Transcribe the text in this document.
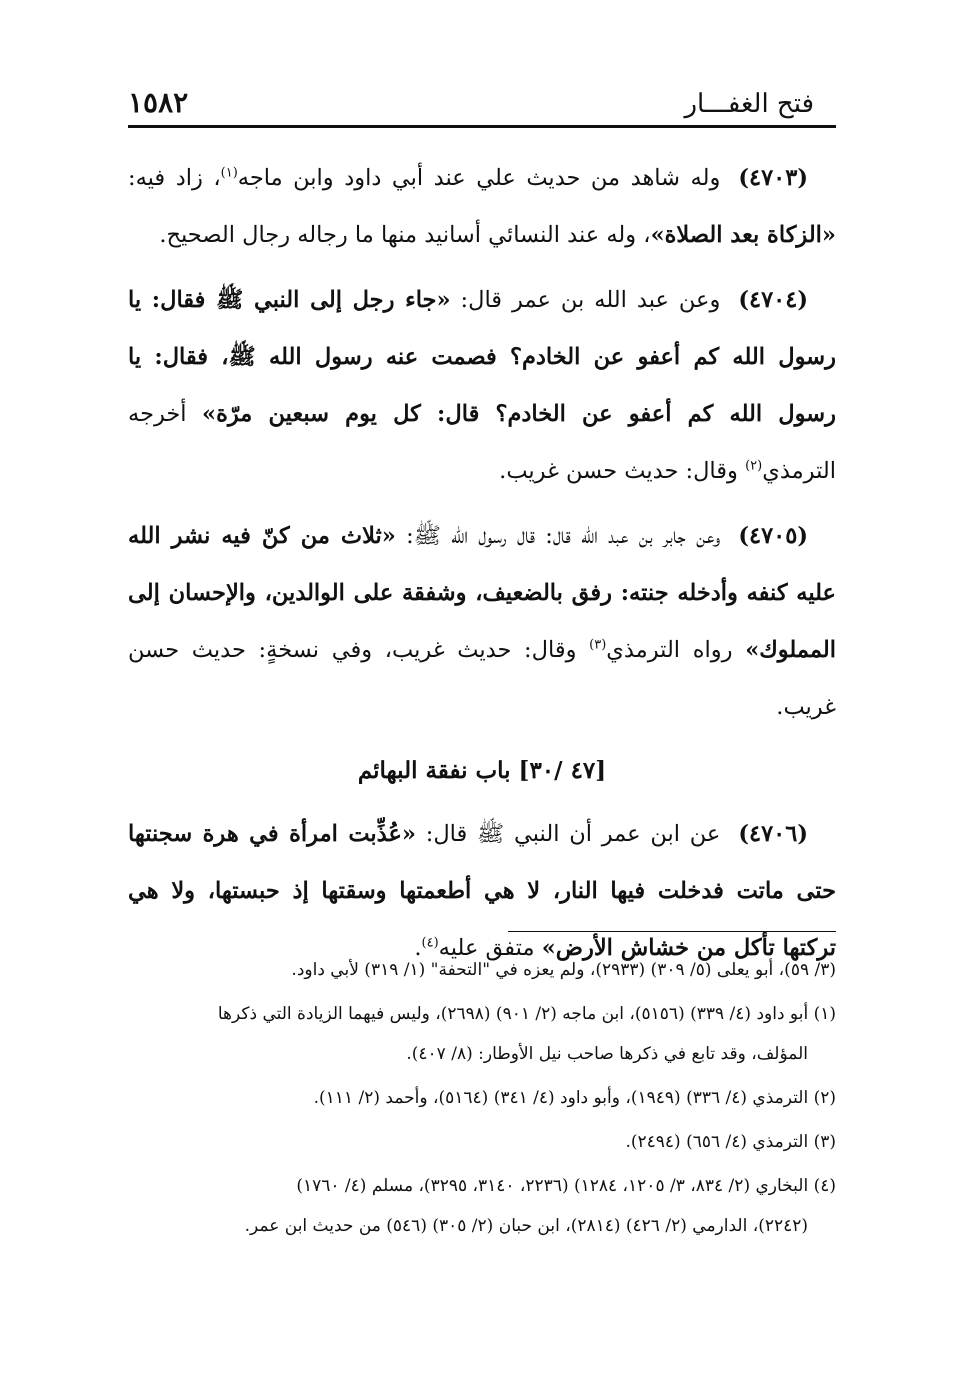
١٥٨٢	فتح الغفـــار

(٤٧٠٣)وله شاهد من حديث علي عند أبي داود وابن ماجه$^{(١)}$، زاد فيه: «الزكاة بعد الصلاة»، وله عند النسائي أسانيد منها ما رجاله رجال الصحيح.

(٤٧٠٤)وعن عبد الله بن عمر قال: «جاء رجل إلى النبي ﷺ فقال: يا رسول الله كم أعفو عن الخادم؟ فصمت عنه رسول الله ﷺ، فقال: يا رسول الله كم أعفو عن الخادم؟ قال: كل يوم سبعين مرّة» أخرجه الترمذي$^{(٢)}$ وقال: حديث حسن غريب.

(٤٧٠٥)وعن جابر بن عبد الله قال: قال رسول الله ﷺ: «ثلاث من كنّ فيه نشر الله عليه كنفه وأدخله جنته: رفق بالضعيف، وشفقة على الوالدين، والإحسان إلى المملوك» رواه الترمذي$^{(٣)}$ وقال: حديث غريب، وفي نسخةٍ: حديث حسن غريب.

[٤٧ /٣٠] باب نفقة البهائم

(٤٧٠٦)عن ابن عمر أن النبي ﷺ قال: «عُذِّبت امرأة في هرة سجنتها حتى ماتت فدخلت فيها النار، لا هي أطعمتها وسقتها إذ حبستها، ولا هي تركتها تأكل من خشاش الأرض» متفق عليه$^{(٤)}$.

(٣/ ٥٩)، أبو يعلى (٥/ ٣٠٩) (٢٩٣٣)، ولم يعزه في "التحفة" (١/ ٣١٩) لأبي داود.
(١) أبو داود (٤/ ٣٣٩) (٥١٥٦)، ابن ماجه (٢/ ٩٠١) (٢٦٩٨)، وليس فيهما الزيادة التي ذكرها
المؤلف، وقد تابع في ذكرها صاحب نيل الأوطار: (٨/ ٤٠٧).
(٢) الترمذي (٤/ ٣٣٦) (١٩٤٩)، وأبو داود (٤/ ٣٤١) (٥١٦٤)، وأحمد (٢/ ١١١).
(٣) الترمذي (٤/ ٦٥٦) (٢٤٩٤).
(٤) البخاري (٢/ ٨٣٤، ٣/ ١٢٠٥، ١٢٨٤) (٢٢٣٦، ٣١٤٠، ٣٢٩٥)، مسلم (٤/ ١٧٦٠)
(٢٢٤٢)، الدارمي (٢/ ٤٢٦) (٢٨١٤)، ابن حبان (٢/ ٣٠٥) (٥٤٦) من حديث ابن عمر.
